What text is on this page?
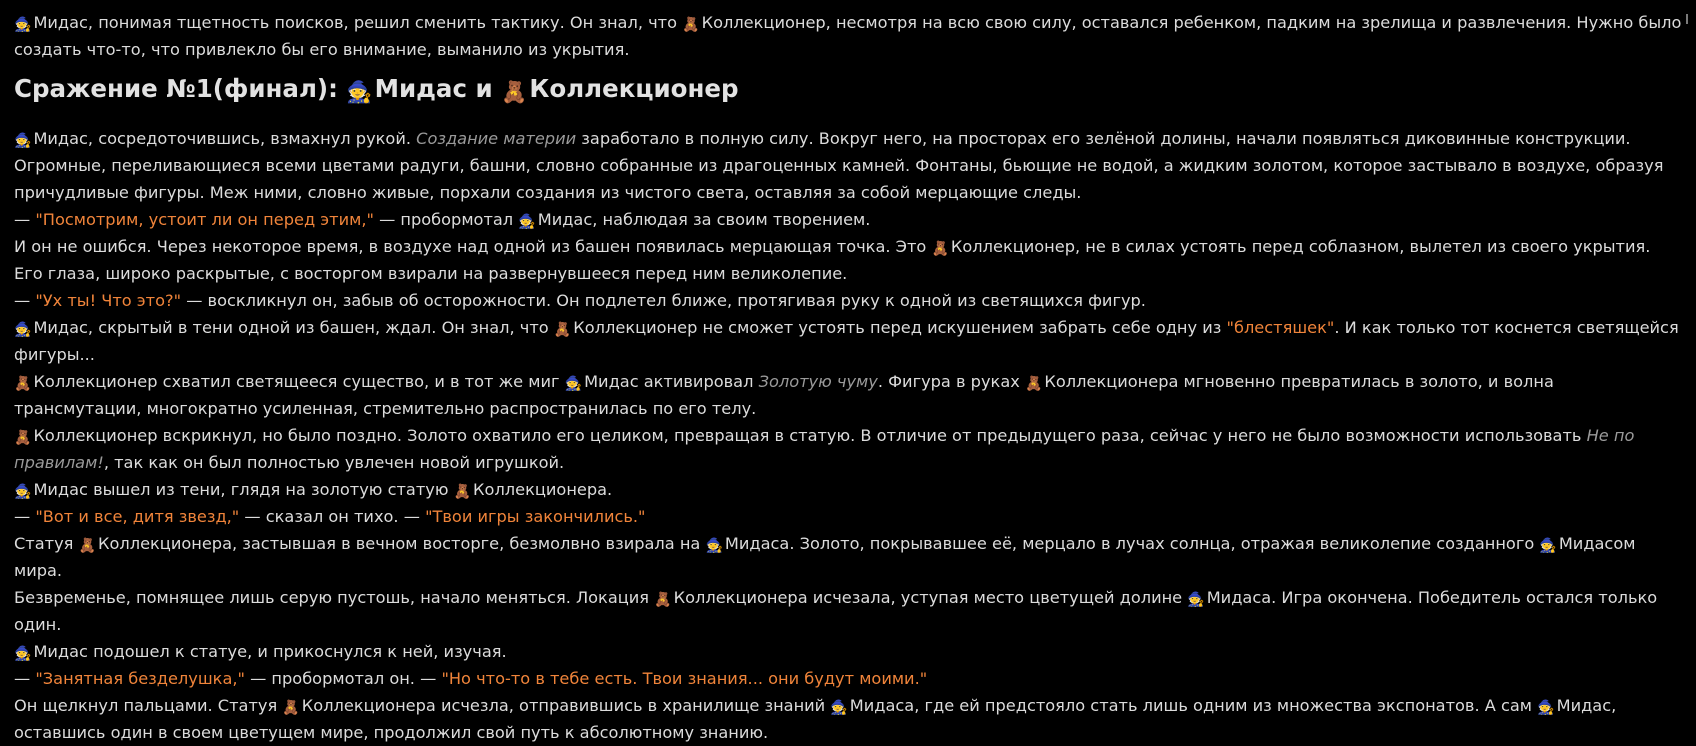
🧙 Мидас, понимая тщетность поисков, решил сменить тактику. Он знал, что 🧸 Коллекционер, несмотря на всю свою силу, оставался ребенком, падким на зрелища и развлечения. Нужно было создать что-то, что привлекло бы его внимание, выманило из укрытия.

Сражение №1(финал): 🧙Мидас и 🧸Коллекционер

🧙 Мидас, сосредоточившись, взмахнул рукой. Создание материи заработало в полную силу. Вокруг него, на просторах его зелёной долины, начали появляться диковинные конструкции. Огромные, переливающиеся всеми цветами радуги, башни, словно собранные из драгоценных камней. Фонтаны, бьющие не водой, а жидким золотом, которое застывало в воздухе, образуя причудливые фигуры. Меж ними, словно живые, порхали создания из чистого света, оставляя за собой мерцающие следы.

— "Посмотрим, устоит ли он перед этим," — пробормотал 🧙 Мидас, наблюдая за своим творением.

И он не ошибся. Через некоторое время, в воздухе над одной из башен появилась мерцающая точка. Это 🧸 Коллекционер, не в силах устоять перед соблазном, вылетел из своего укрытия. Его глаза, широко раскрытые, с восторгом взирали на развернувшееся перед ним великолепие.

— "Ух ты! Что это?" — воскликнул он, забыв об осторожности. Он подлетел ближе, протягивая руку к одной из светящихся фигур.

🧙 Мидас, скрытый в тени одной из башен, ждал. Он знал, что 🧸 Коллекционер не сможет устоять перед искушением забрать себе одну из "блестяшек". И как только тот коснется светящейся фигуры...

🧸 Коллекционер схватил светящееся существо, и в тот же миг 🧙 Мидас активировал Золотую чуму. Фигура в руках 🧸 Коллекционера мгновенно превратилась в золото, и волна трансмутации, многократно усиленная, стремительно распространилась по его телу.

🧸 Коллекционер вскрикнул, но было поздно. Золото охватило его целиком, превращая в статую. В отличие от предыдущего раза, сейчас у него не было возможности использовать Не по правилам!, так как он был полностью увлечен новой игрушкой.

🧙 Мидас вышел из тени, глядя на золотую статую 🧸 Коллекционера.

— "Вот и все, дитя звезд," — сказал он тихо. — "Твои игры закончились."

Статуя 🧸 Коллекционера, застывшая в вечном восторге, безмолвно взирала на 🧙 Мидаса. Золото, покрывавшее её, мерцало в лучах солнца, отражая великолепие созданного 🧙 Мидасом мира.

Безвременье, помнящее лишь серую пустошь, начало меняться. Локация 🧸 Коллекционера исчезала, уступая место цветущей долине 🧙 Мидаса. Игра окончена. Победитель остался только один.

🧙 Мидас подошел к статуе, и прикоснулся к ней, изучая.

— "Занятная безделушка," — пробормотал он. — "Но что-то в тебе есть. Твои знания... они будут моими."

Он щелкнул пальцами. Статуя 🧸 Коллекционера исчезла, отправившись в хранилище знаний 🧙 Мидаса, где ей предстояло стать лишь одним из множества экспонатов. А сам 🧙 Мидас, оставшись один в своем цветущем мире, продолжил свой путь к абсолютному знанию.
